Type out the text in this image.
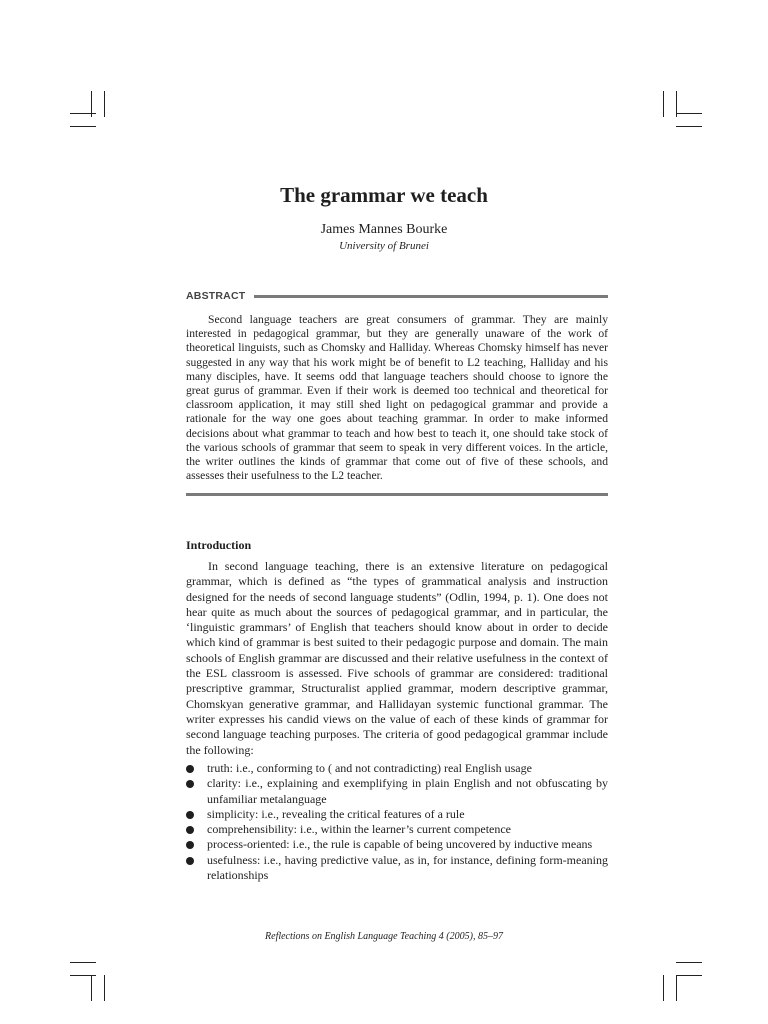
The grammar we teach
James Mannes Bourke
University of Brunei
ABSTRACT

Second language teachers are great consumers of grammar. They are mainly interested in pedagogical grammar, but they are generally unaware of the work of theoretical linguists, such as Chomsky and Halliday. Whereas Chomsky himself has never suggested in any way that his work might be of benefit to L2 teaching, Halliday and his many disciples, have. It seems odd that language teachers should choose to ignore the great gurus of grammar. Even if their work is deemed too technical and theoretical for classroom application, it may still shed light on pedagogical grammar and provide a rationale for the way one goes about teaching grammar. In order to make informed decisions about what grammar to teach and how best to teach it, one should take stock of the various schools of grammar that seem to speak in very different voices. In the article, the writer outlines the kinds of grammar that come out of five of these schools, and assesses their usefulness to the L2 teacher.

Introduction

In second language teaching, there is an extensive literature on pedagogical grammar, which is defined as “the types of grammatical analysis and instruction designed for the needs of second language students” (Odlin, 1994, p. 1). One does not hear quite as much about the sources of pedagogical grammar, and in particular, the ‘linguistic grammars’ of English that teachers should know about in order to decide which kind of grammar is best suited to their pedagogic purpose and domain. The main schools of English grammar are discussed and their relative usefulness in the context of the ESL classroom is assessed. Five schools of grammar are considered: traditional prescriptive grammar, Structuralist applied grammar, modern descriptive grammar, Chomskyan generative grammar, and Hallidayan systemic functional grammar. The writer expresses his candid views on the value of each of these kinds of grammar for second language teaching purposes. The criteria of good pedagogical grammar include the following:

truth: i.e., conforming to ( and not contradicting) real English usage
clarity: i.e., explaining and exemplifying in plain English and not obfuscating by unfamiliar metalanguage
simplicity: i.e., revealing the critical features of a rule
comprehensibility: i.e., within the learner’s current competence
process-oriented: i.e., the rule is capable of being uncovered by inductive means
usefulness: i.e., having predictive value, as in, for instance, defining form-meaning relationships
Reflections on English Language Teaching 4 (2005), 85–97
